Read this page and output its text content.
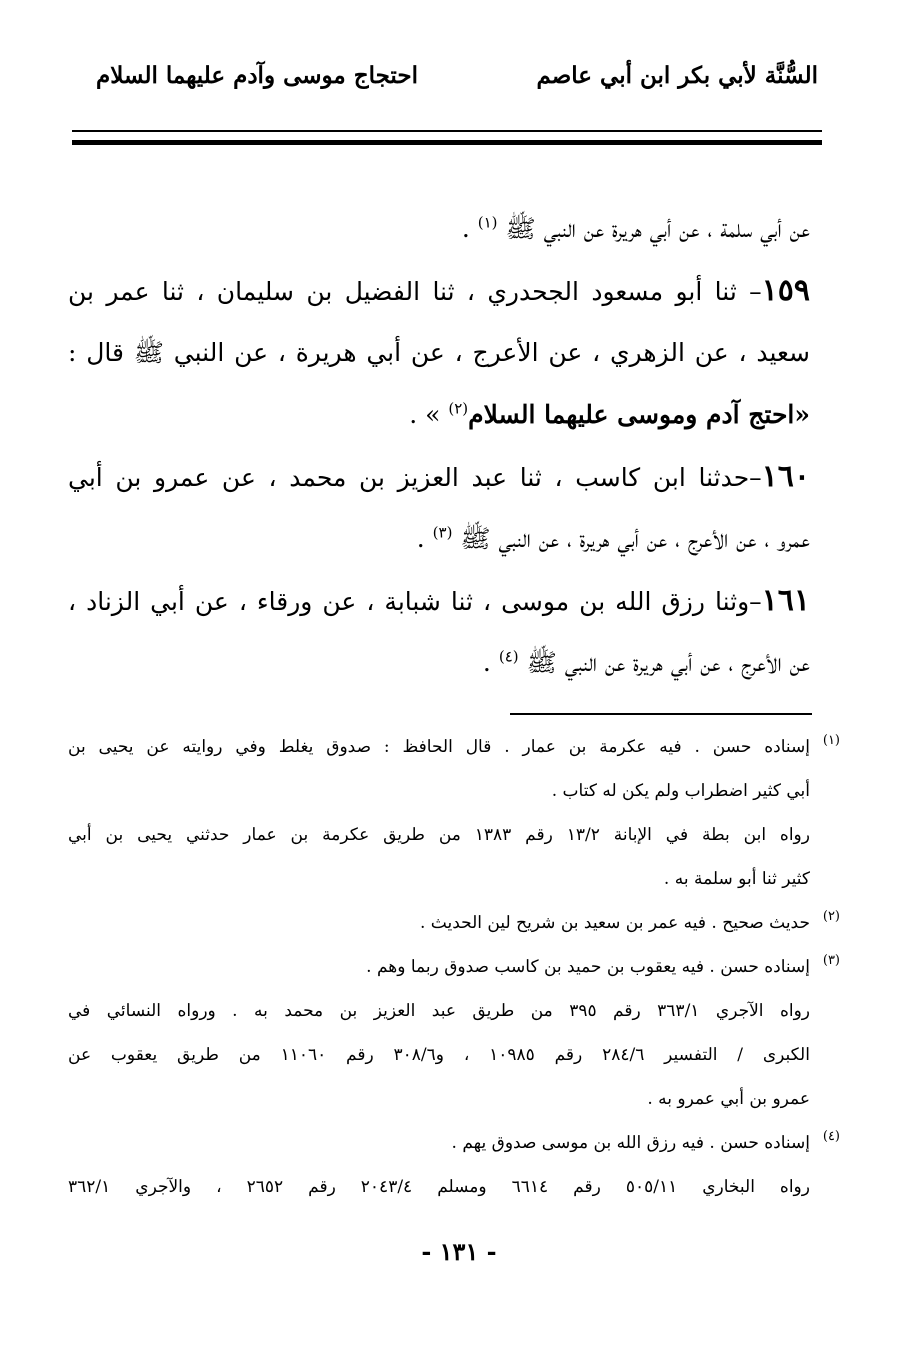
السُّنَّة لأبي بكر ابن أبي عاصم
احتجاج موسى وآدم عليهما السلام
عن أبي سلمة ، عن أبي هريرة عن النبي ﷺ $^{(١)}$ .
١٥٩– ثنا أبو مسعود الجحدري ، ثنا الفضيل بن سليمان ، ثنا عمر بن
سعيد ، عن الزهري ، عن الأعرج ، عن أبي هريرة ، عن النبي ﷺ قال :
«احتج آدم وموسى عليهما السلام$^{(٢)}$ » .
١٦٠–حدثنا ابن كاسب ، ثنا عبد العزيز بن محمد ، عن عمرو بن أبي
عمرو ، عن الأعرج ، عن أبي هريرة ، عن النبي ﷺ $^{(٣)}$ .
١٦١–وثنا رزق الله بن موسى ، ثنا شبابة ، عن ورقاء ، عن أبي الزناد ،
عن الأعرج ، عن أبي هريرة عن النبي ﷺ $^{(٤)}$ .
(١)
إسناده حسن . فيه عكرمة بن عمار . قال الحافظ : صدوق يغلط وفي روايته عن يحيى بن
أبي كثير اضطراب ولم يكن له كتاب .
رواه ابن بطة في الإبانة ١٣/٢ رقم ١٣٨٣ من طريق عكرمة بن عمار حدثني يحيى بن أبي
كثير ثنا أبو سلمة به .
(٢)
حديث صحيح . فيه عمر بن سعيد بن شريح لين الحديث .
(٣)
إسناده حسن . فيه يعقوب بن حميد بن كاسب صدوق ربما وهم .
رواه الآجري ٣٦٣/١ رقم ٣٩٥ من طريق عبد العزيز بن محمد به . ورواه النسائي في
الكبرى / التفسير ٢٨٤/٦ رقم ١٠٩٨٥ ، و٣٠٨/٦ رقم ١١٠٦٠ من طريق يعقوب عن
عمرو بن أبي عمرو به .
(٤)
إسناده حسن . فيه رزق الله بن موسى صدوق يهم .
رواه البخاري ٥٠٥/١١ رقم ٦٦١٤ ومسلم ٢٠٤٣/٤ رقم ٢٦٥٢ ، والآجري ٣٦٢/١
- ١٣١ -
